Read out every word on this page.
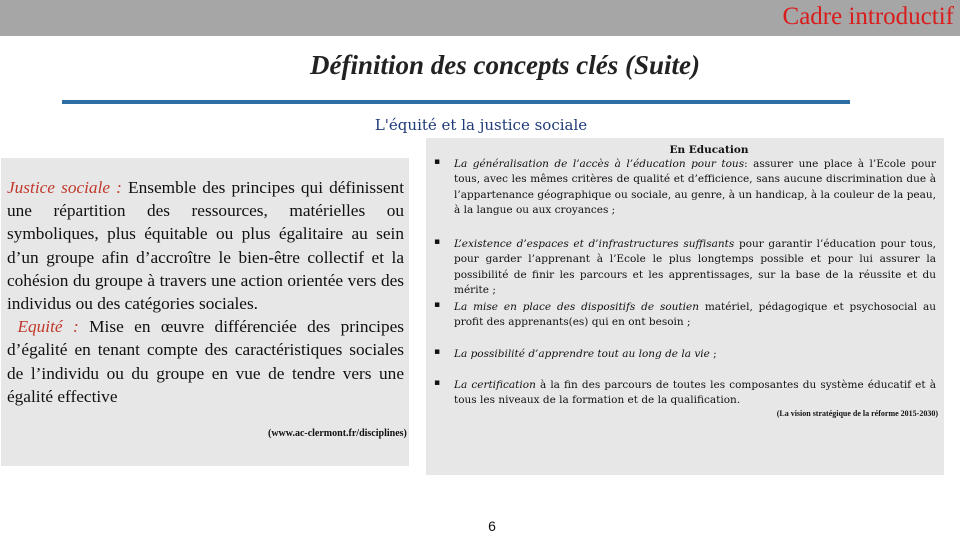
Cadre introductif
Définition des concepts clés (Suite)
L'équité et la justice sociale
Justice sociale : Ensemble des principes qui définissent une répartition des ressources, matérielles ou symboliques, plus équitable ou plus égalitaire au sein d’un groupe afin d’accroître le bien-être collectif et la cohésion du groupe à travers une action orientée vers des individus ou des catégories sociales.
Equité : Mise en œuvre différenciée des principes d’égalité en tenant compte des caractéristiques sociales de l’individu ou du groupe en vue de tendre vers une égalité effective
(www.ac-clermont.fr/disciplines)
En Education
▪ La généralisation de l’accès à l’éducation pour tous: assurer une place à l’Ecole pour tous, avec les mêmes critères de qualité et d’efficience, sans aucune discrimination due à l’appartenance géographique ou sociale, au genre, à un handicap, à la couleur de la peau, à la langue ou aux croyances ;
▪ L’existence d’espaces et d’infrastructures suffisants pour garantir l’éducation pour tous, pour garder l’apprenant à l’Ecole le plus longtemps possible et pour lui assurer la possibilité de finir les parcours et les apprentissages, sur la base de la réussite et du mérite ;
▪ La mise en place des dispositifs de soutien matériel, pédagogique et psychosocial au profit des apprenants(es) qui en ont besoin ;
▪ La possibilité d’apprendre tout au long de la vie ;
▪ La certification à la fin des parcours de toutes les composantes du système éducatif et à tous les niveaux de la formation et de la qualification.
(La vision stratégique de la réforme 2015-2030)
6
